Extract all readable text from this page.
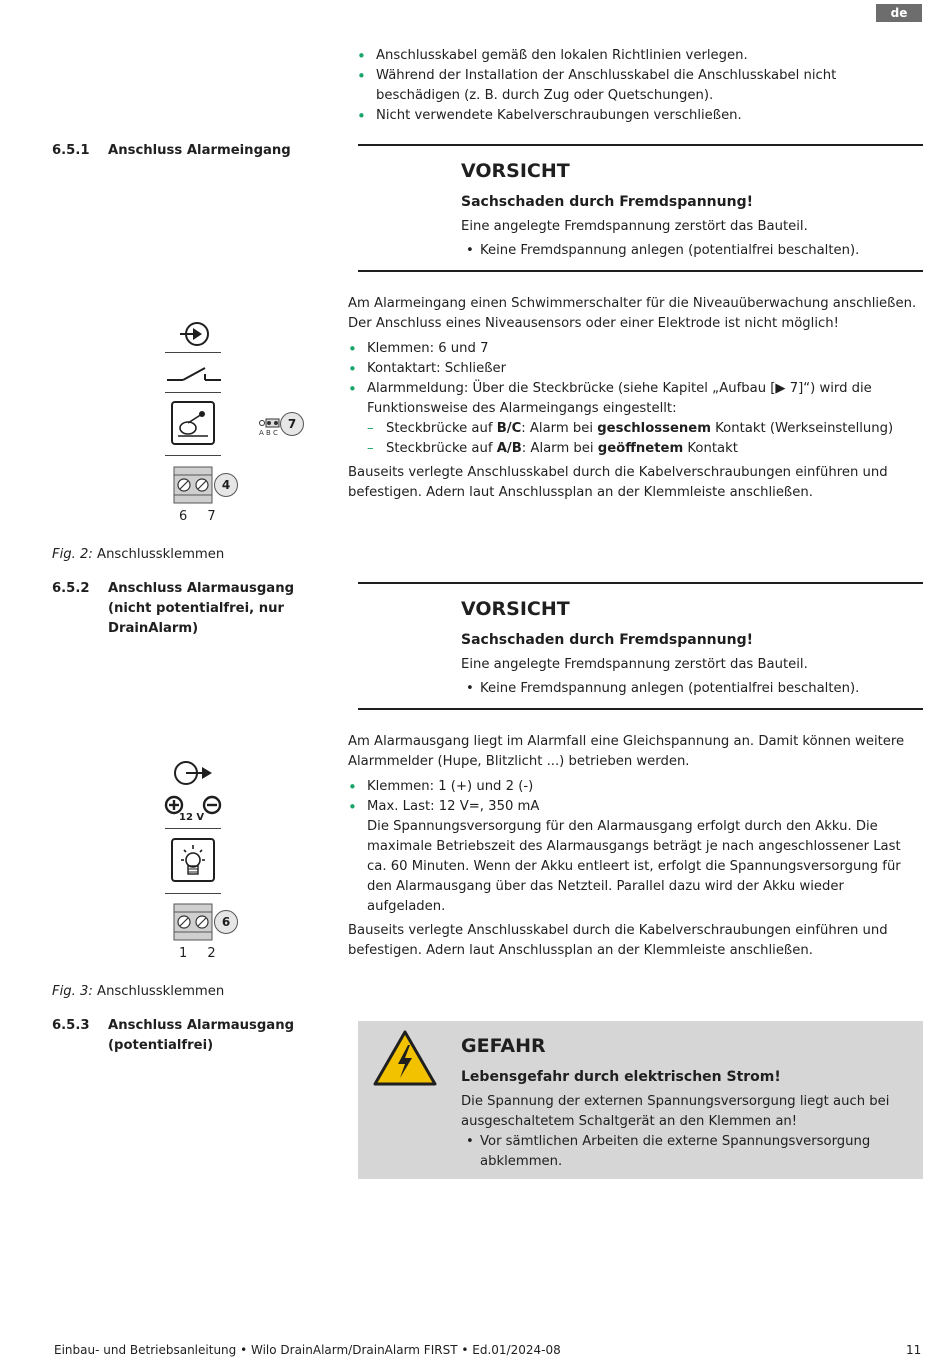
de
• Anschlusskabel gemäß den lokalen Richtlinien verlegen.
• Während der Installation der Anschlusskabel die Anschlusskabel nicht beschädigen (z. B. durch Zug oder Quetschungen).
• Nicht verwendete Kabelverschraubungen verschließen.
6.5.1 Anschluss Alarmeingang
VORSICHT
Sachschaden durch Fremdspannung!
Eine angelegte Fremdspannung zerstört das Bauteil.
• Keine Fremdspannung anlegen (potentialfrei beschalten).
A B C
7
4
6 7
Am Alarmeingang einen Schwimmerschalter für die Niveauüberwachung anschließen. Der Anschluss eines Niveausensors oder einer Elektrode ist nicht möglich!
• Klemmen: 6 und 7
• Kontaktart: Schließer
• Alarmmeldung: Über die Steckbrücke (siehe Kapitel „Aufbau [▶ 7]“) wird die Funktionsweise des Alarmeingangs eingestellt:
– Steckbrücke auf B/C: Alarm bei geschlossenem Kontakt (Werkseinstellung)
– Steckbrücke auf A/B: Alarm bei geöffnetem Kontakt
Bauseits verlegte Anschlusskabel durch die Kabelverschraubungen einführen und befestigen. Adern laut Anschlussplan an der Klemmleiste anschließen.
Fig. 2: Anschlussklemmen
6.5.2 Anschluss Alarmausgang (nicht potentialfrei, nur DrainAlarm)
VORSICHT
Sachschaden durch Fremdspannung!
Eine angelegte Fremdspannung zerstört das Bauteil.
• Keine Fremdspannung anlegen (potentialfrei beschalten).
12 V
6
1 2
Am Alarmausgang liegt im Alarmfall eine Gleichspannung an. Damit können weitere Alarmmelder (Hupe, Blitzlicht ...) betrieben werden.
• Klemmen: 1 (+) und 2 (-)
• Max. Last: 12 V=, 350 mA
Die Spannungsversorgung für den Alarmausgang erfolgt durch den Akku. Die maximale Betriebszeit des Alarmausgangs beträgt je nach angeschlossener Last ca. 60 Minuten. Wenn der Akku entleert ist, erfolgt die Spannungsversorgung für den Alarmausgang über das Netzteil. Parallel dazu wird der Akku wieder aufgeladen.
Bauseits verlegte Anschlusskabel durch die Kabelverschraubungen einführen und befestigen. Adern laut Anschlussplan an der Klemmleiste anschließen.
Fig. 3: Anschlussklemmen
6.5.3 Anschluss Alarmausgang (potentialfrei)	GEFAHR
Lebensgefahr durch elektrischen Strom!
Die Spannung der externen Spannungsversorgung liegt auch bei ausgeschaltetem Schaltgerät an den Klemmen an!
• Vor sämtlichen Arbeiten die externe Spannungsversorgung abklemmen.
Einbau- und Betriebsanleitung • Wilo DrainAlarm/DrainAlarm FIRST • Ed.01/2024-08	11
